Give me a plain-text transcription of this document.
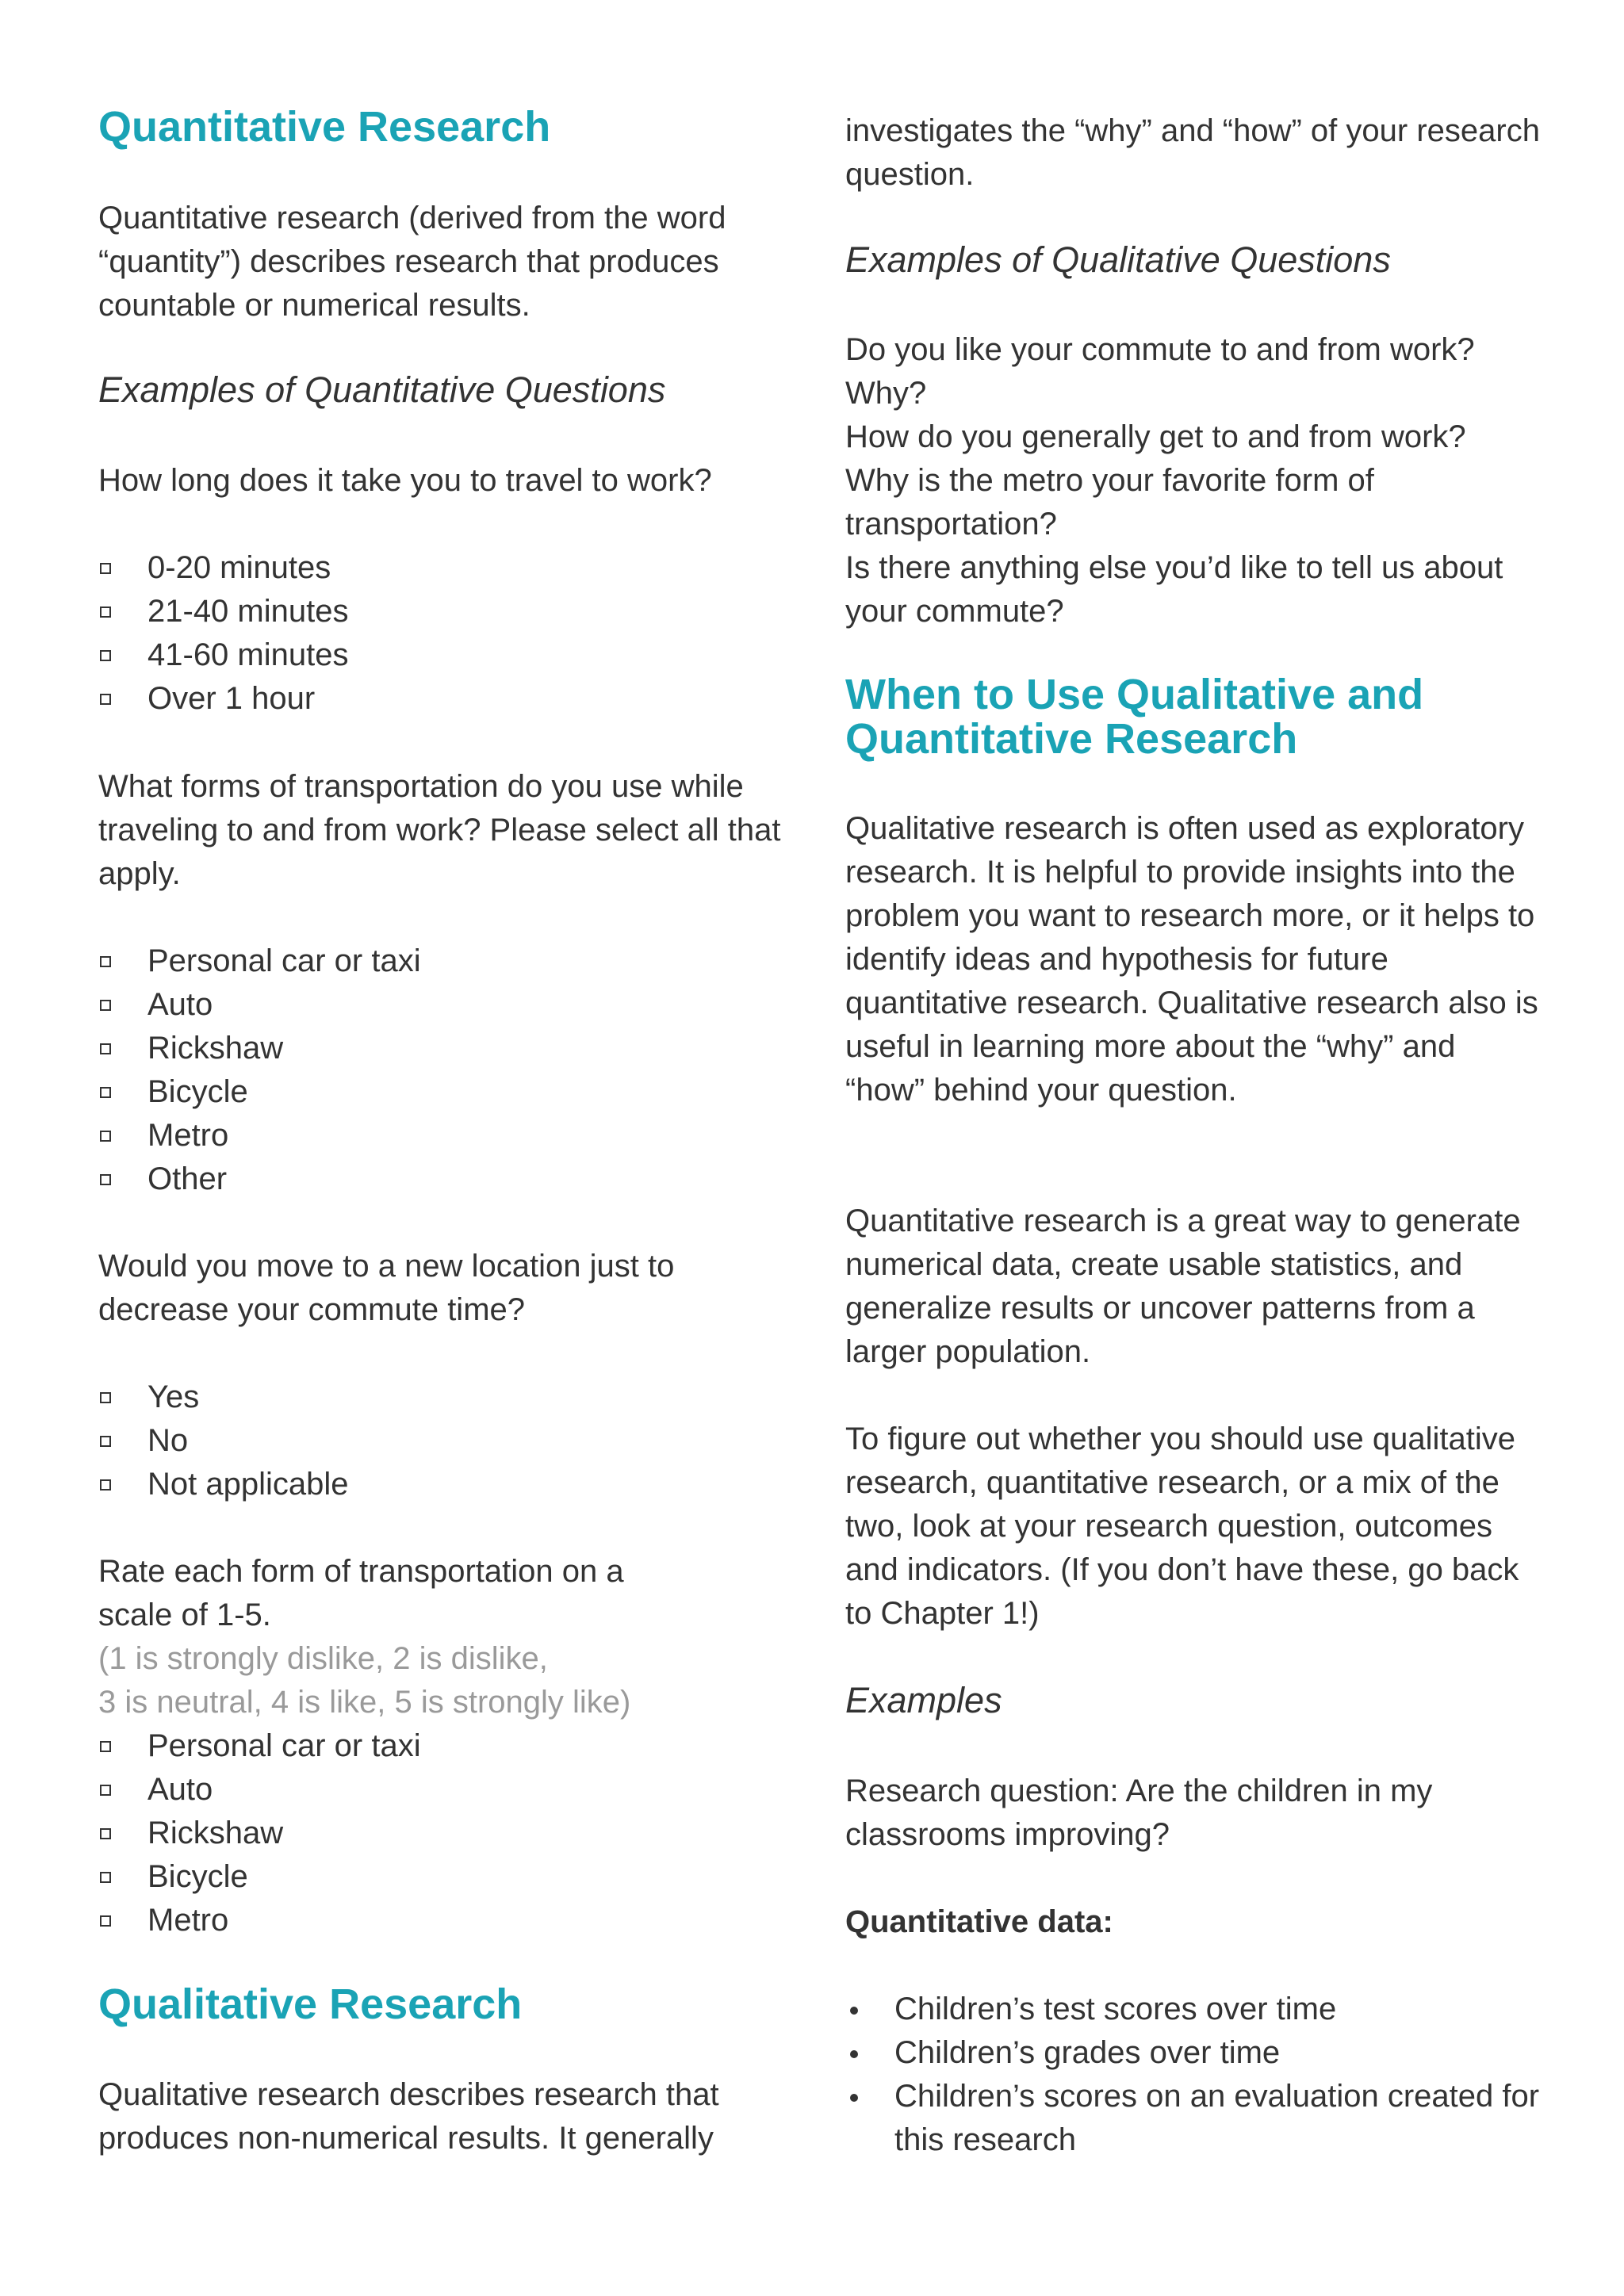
Quantitative Research

Quantitative research (derived from the word “quantity”) describes research that produces countable or numerical results.

Examples of Quantitative Questions

How long does it take you to travel to work?

0-20 minutes
21-40 minutes
41-60 minutes
Over 1 hour

What forms of transportation do you use while traveling to and from work? Please select all that apply.

Personal car or taxi
Auto
Rickshaw
Bicycle
Metro
Other

Would you move to a new location just to decrease your commute time?

Yes
No
Not applicable
Rate each form of transportation on a
scale of 1-5.
(1 is strongly dislike, 2 is dislike,
3 is neutral, 4 is like, 5 is strongly like)
Personal car or taxi
Auto
Rickshaw
Bicycle
Metro
Qualitative Research

Qualitative research describes research that produces non-numerical results. It generally

investigates the “why” and “how” of your research question.

Examples of Qualitative Questions
Do you like your commute to and from work? Why?
How do you generally get to and from work?
Why is the metro your favorite form of transportation?
Is there anything else you’d like to tell us about your commute?
When to Use Qualitative and
Quantitative Research

Qualitative research is often used as exploratory research. It is helpful to provide insights into the problem you want to research more, or it helps to identify ideas and hypothesis for future quantitative research. Qualitative research also is useful in learning more about the “why” and “how” behind your question.

Quantitative research is a great way to generate numerical data, create usable statistics, and generalize results or uncover patterns from a larger population.

To figure out whether you should use qualitative research, quantitative research, or a mix of the two, look at your research question, outcomes and indicators. (If you don’t have these, go back to Chapter 1!)

Examples

Research question: Are the children in my classrooms improving?

Quantitative data:

Children’s test scores over time
Children’s grades over time
Children’s scores on an evaluation created for this research
